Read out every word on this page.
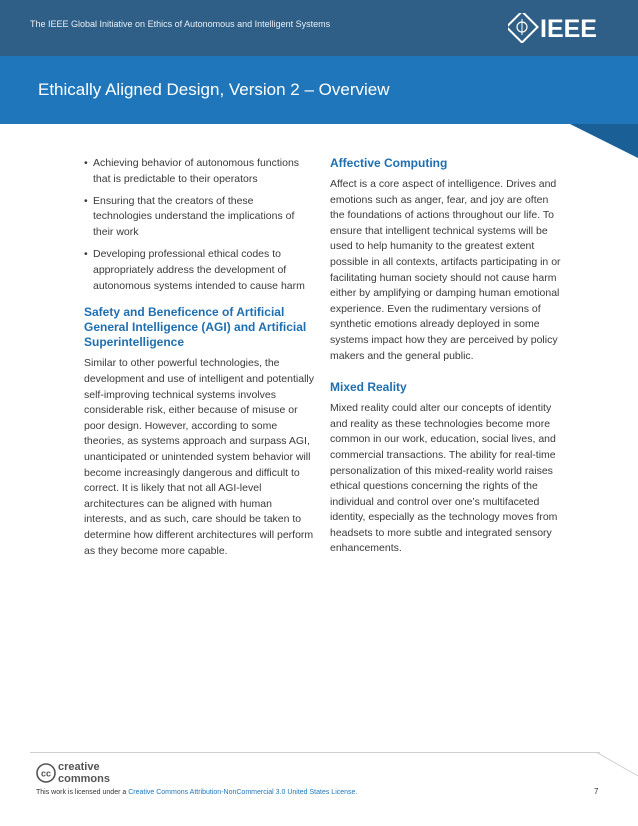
The IEEE Global Initiative on Ethics of Autonomous and Intelligent Systems	IEEE
Ethically Aligned Design, Version 2 – Overview
• Achieving behavior of autonomous functions that is predictable to their operators
• Ensuring that the creators of these technologies understand the implications of their work
• Developing professional ethical codes to appropriately address the development of autonomous systems intended to cause harm
Safety and Beneficence of Artificial General Intelligence (AGI) and Artificial Superintelligence

Similar to other powerful technologies, the development and use of intelligent and potentially self-improving technical systems involves considerable risk, either because of misuse or poor design. However, according to some theories, as systems approach and surpass AGI, unanticipated or unintended system behavior will become increasingly dangerous and difficult to correct. It is likely that not all AGI-level architectures can be aligned with human interests, and as such, care should be taken to determine how different architectures will perform as they become more capable.

Affective Computing

Affect is a core aspect of intelligence. Drives and emotions such as anger, fear, and joy are often the foundations of actions throughout our life. To ensure that intelligent technical systems will be used to help humanity to the greatest extent possible in all contexts, artifacts participating in or facilitating human society should not cause harm either by amplifying or damping human emotional experience. Even the rudimentary versions of synthetic emotions already deployed in some systems impact how they are perceived by policy makers and the general public.

Mixed Reality

Mixed reality could alter our concepts of identity and reality as these technologies become more common in our work, education, social lives, and commercial transactions. The ability for real-time personalization of this mixed-reality world raises ethical questions concerning the rights of the individual and control over one’s multifaceted identity, especially as the technology moves from headsets to more subtle and integrated sensory enhancements.

cc
creative
commons
This work is licensed under a Creative Commons Attribution-NonCommercial 3.0 United States License.	7
